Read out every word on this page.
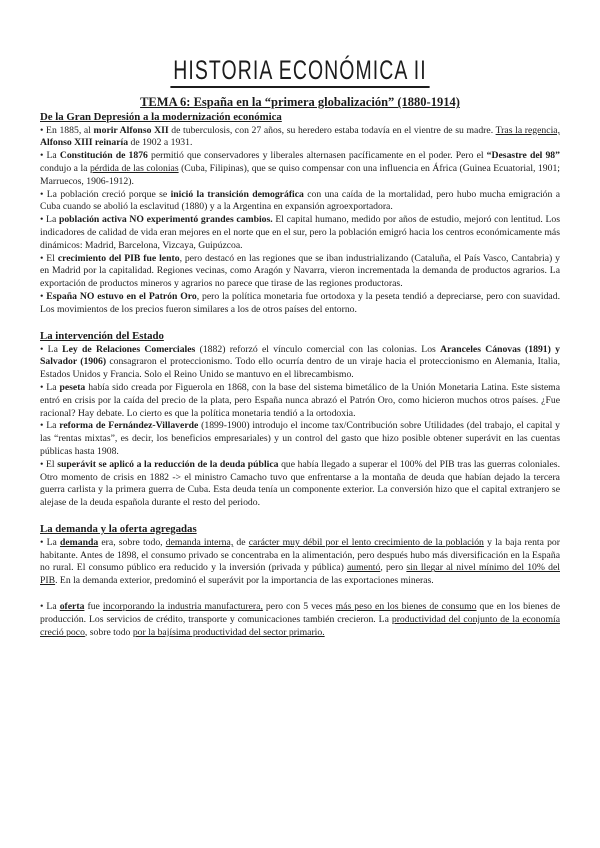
HISTORIA ECONÓMICA II
TEMA 6: España en la “primera globalización” (1880-1914)
De la Gran Depresión a la modernización económica

• En 1885, al morir Alfonso XII de tuberculosis, con 27 años, su heredero estaba todavía en el vientre de su madre. Tras la regencia, Alfonso XIII reinaría de 1902 a 1931.

• La Constitución de 1876 permitió que conservadores y liberales alternasen pacíficamente en el poder. Pero el “Desastre del 98” condujo a la pérdida de las colonias (Cuba, Filipinas), que se quiso compensar con una influencia en África (Guinea Ecuatorial, 1901; Marruecos, 1906-1912).

• La población creció porque se inició la transición demográfica con una caída de la mortalidad, pero hubo mucha emigración a Cuba cuando se abolió la esclavitud (1880) y a la Argentina en expansión agroexportadora.

• La población activa NO experimentó grandes cambios. El capital humano, medido por años de estudio, mejoró con lentitud. Los indicadores de calidad de vida eran mejores en el norte que en el sur, pero la población emigró hacia los centros económicamente más dinámicos: Madrid, Barcelona, Vizcaya, Guipúzcoa.

• El crecimiento del PIB fue lento, pero destacó en las regiones que se iban industrializando (Cataluña, el País Vasco, Cantabria) y en Madrid por la capitalidad. Regiones vecinas, como Aragón y Navarra, vieron incrementada la demanda de productos agrarios. La exportación de productos mineros y agrarios no parece que tirase de las regiones productoras.

• España NO estuvo en el Patrón Oro, pero la política monetaria fue ortodoxa y la peseta tendió a depreciarse, pero con suavidad. Los movimientos de los precios fueron similares a los de otros países del entorno.

La intervención del Estado

• La Ley de Relaciones Comerciales (1882) reforzó el vínculo comercial con las colonias. Los Aranceles Cánovas (1891) y Salvador (1906) consagraron el proteccionismo. Todo ello ocurría dentro de un viraje hacia el proteccionismo en Alemania, Italia, Estados Unidos y Francia. Solo el Reino Unido se mantuvo en el librecambismo.

• La peseta había sido creada por Figuerola en 1868, con la base del sistema bimetálico de la Unión Monetaria Latina. Este sistema entró en crisis por la caída del precio de la plata, pero España nunca abrazó el Patrón Oro, como hicieron muchos otros países. ¿Fue racional? Hay debate. Lo cierto es que la política monetaria tendió a la ortodoxia.

• La reforma de Fernández-Villaverde (1899-1900) introdujo el income tax/Contribución sobre Utilidades (del trabajo, el capital y las “rentas mixtas”, es decir, los beneficios empresariales) y un control del gasto que hizo posible obtener superávit en las cuentas públicas hasta 1908.

• El superávit se aplicó a la reducción de la deuda pública que había llegado a superar el 100% del PIB tras las guerras coloniales. Otro momento de crisis en 1882 -> el ministro Camacho tuvo que enfrentarse a la montaña de deuda que habían dejado la tercera guerra carlista y la primera guerra de Cuba. Esta deuda tenía un componente exterior. La conversión hizo que el capital extranjero se alejase de la deuda española durante el resto del periodo.

La demanda y la oferta agregadas

• La demanda era, sobre todo, demanda interna, de carácter muy débil por el lento crecimiento de la población y la baja renta por habitante. Antes de 1898, el consumo privado se concentraba en la alimentación, pero después hubo más diversificación en la España no rural. El consumo público era reducido y la inversión (privada y pública) aumentó, pero sin llegar al nivel mínimo del 10% del PIB. En la demanda exterior, predominó el superávit por la importancia de las exportaciones mineras.

• La oferta fue incorporando la industria manufacturera, pero con 5 veces más peso en los bienes de consumo que en los bienes de producción. Los servicios de crédito, transporte y comunicaciones también crecieron. La productividad del conjunto de la economía creció poco, sobre todo por la bajísima productividad del sector primario.
